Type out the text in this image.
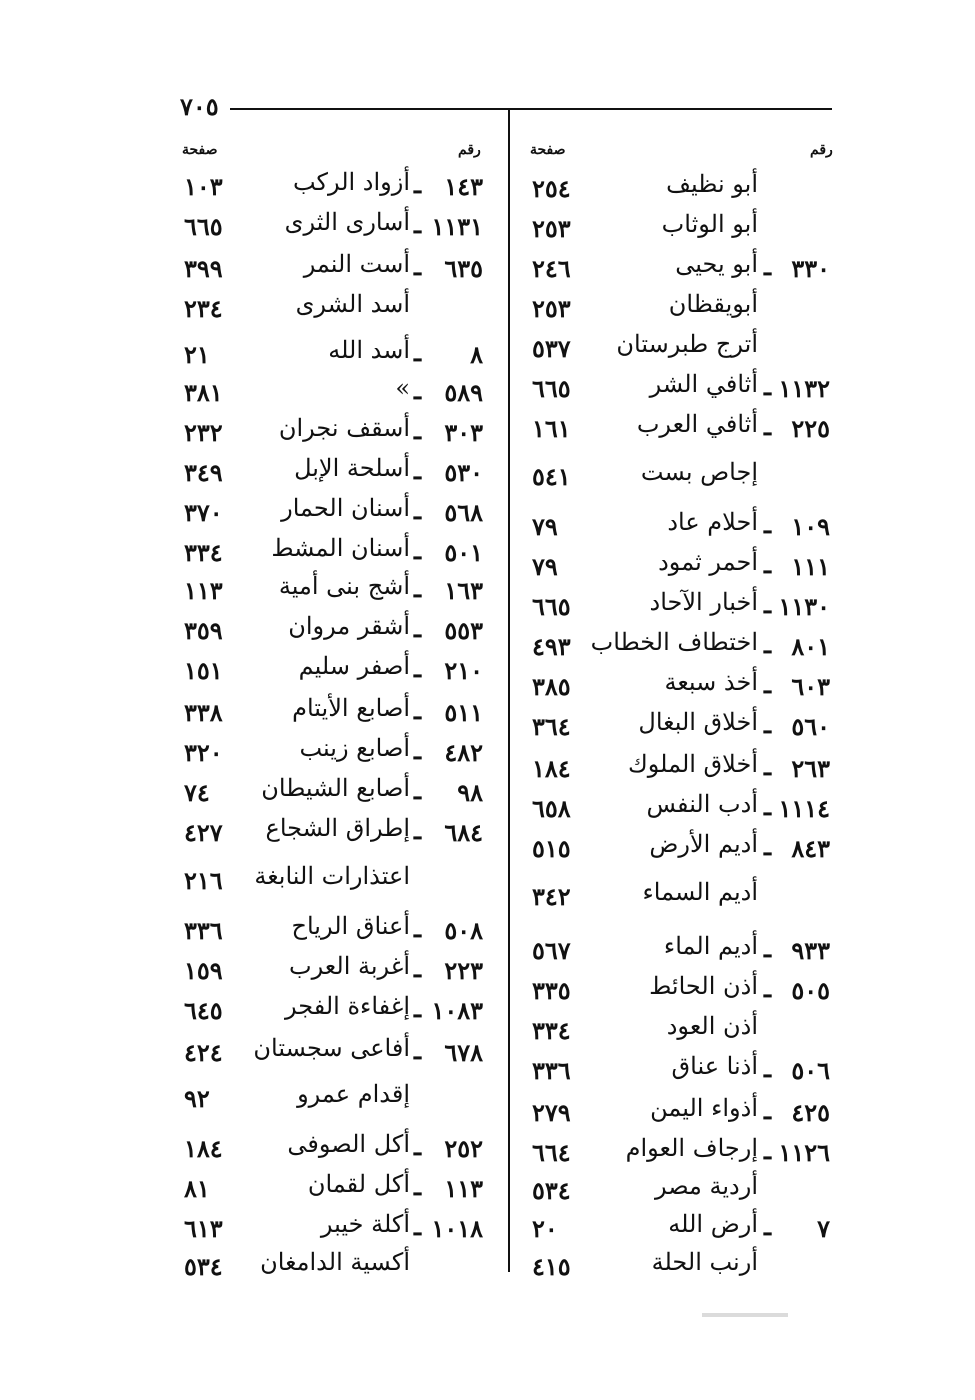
٧٠٥
رقم
صفحة
٢٥٤	أبو نظيف
٢٥٣	أبو الوثاب
٢٤٦	أبو يحيى ٣٣٠
ـ
٢٥٣	أبويقظان
٥٣٧ أترج طبرستان
٦٦٥	أثافي الشر ١١٣٢
ـ
١٦١	أثافي العرب ٢٢٥
ـ
٥٤١	إجاص بست
٧٩	أحلام عاد ١٠٩
ـ
٧٩	أحمر ثمود ١١١
ـ
٦٦٥	أخبار الآحاد ١١٣٠
ـ
٤٩٣ اختطاف الخطاب ٨٠١
ـ
٣٨٥	أخذ سبعة ٦٠٣
ـ
٣٦٤	أخلاق البغال ٥٦٠
ـ
١٨٤ أخلاق الملوك ٢٦٣
ـ
٦٥٨	أدب النفس ١١١٤
ـ
٥١٥	أديم الأرض ٨٤٣
ـ
٣٤٢	أديم السماء
٥٦٧	أديم الماء ٩٣٣
ـ
٣٣٥	أذن الحائط ٥٠٥
ـ
٣٣٤	أذن العود
٣٣٦	أذنا عناق ٥٠٦
ـ
٢٧٩	أذواء اليمن ٤٢٥
ـ
٦٦٤ إرجاف العوام ١١٢٦
ـ
٥٣٤	أردية مصر
٢٠	أرض الله ٧
ـ
٤١٥	أرنب الحلة
رقم
صفحة
١٠٣	أزواد الركب ١٤٣
ـ
٦٦٥	أسارى الثرى ١١٣١
ـ
٣٩٩	أست النمر ٦٣٥
ـ
٢٣٤	أسد الشرى
٢١	أسد الله	٨
ـ
٣٨١	» ٥٨٩
ـ
٢٣٢ أسقف نجران ٣٠٣
ـ
٣٤٩	أسلحة الإبل ٥٣٠
ـ
٣٧٠ أسنان الحمار ٥٦٨
ـ
٣٣٤ أسنان المشط ٥٠١
ـ
١١٣ أشج بنى أمية ١٦٣
ـ
٣٥٩	أشقر مروان ٥٥٣
ـ
١٥١	أصفر سليم ٢١٠
ـ
٣٣٨	أصابع الأيتام ٥١١
ـ
٣٢٠	أصابع زينب ٤٨٢
ـ
٧٤ أصابع الشيطان ٩٨
ـ
٤٢٧ إطراق الشجاع ٦٨٤
ـ
٢١٦ اعتذارات النابغة
٣٣٦	أعناق الرياح ٥٠٨
ـ
١٥٩	أغربة العرب ٢٢٣
ـ
٦٤٥	إغفاءة الفجر ١٠٨٣
ـ
٤٢٤ أفاعى سجستان ٦٧٨
ـ
٩٢	إقدام عمرو
١٨٤	أكل الصوفى ٢٥٢
ـ
٨١	أكل لقمان ١١٣
ـ
٦١٣	أكلة خيبر ١٠١٨
ـ
٥٣٤ أكسية الدامغان
